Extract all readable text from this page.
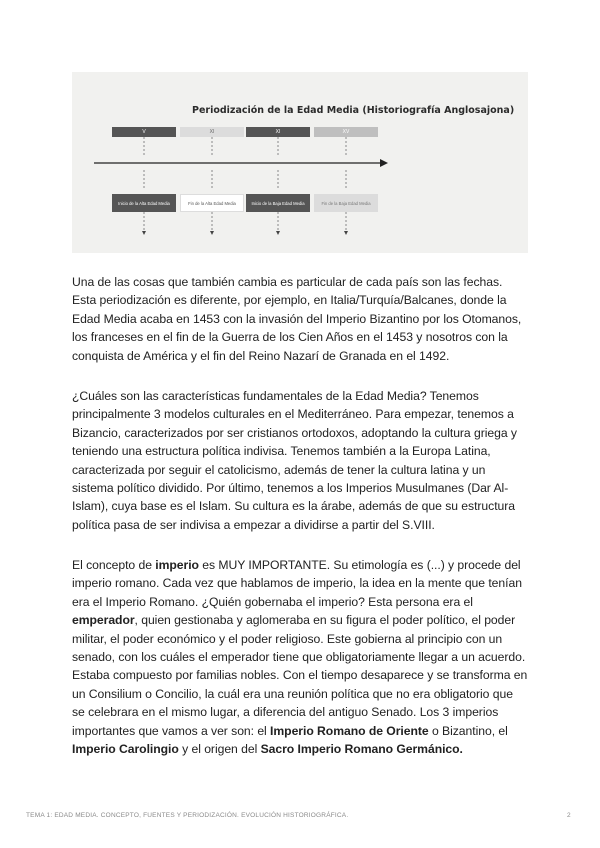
Periodización de la Edad Media (Historiografía Anglosajona)
V	XI	XI	XV
Inicio de la Alta Edad Media	Fin de la Alta Edad Media	Inicio de la Baja Edad Media	Fin de la Baja Edad Media

Una de las cosas que también cambia es particular de cada país son las fechas. Esta periodización es diferente, por ejemplo, en Italia/Turquía/Balcanes, donde la Edad Media acaba en 1453 con la invasión del Imperio Bizantino por los Otomanos, los franceses en el fin de la Guerra de los Cien Años en el 1453 y nosotros con la conquista de América y el fin del Reino Nazarí de Granada en el 1492.

¿Cuáles son las características fundamentales de la Edad Media? Tenemos principalmente 3 modelos culturales en el Mediterráneo. Para empezar, tenemos a Bizancio, caracterizados por ser cristianos ortodoxos, adoptando la cultura griega y teniendo una estructura política indivisa. Tenemos también a la Europa Latina, caracterizada por seguir el catolicismo, además de tener la cultura latina y un sistema político dividido. Por último, tenemos a los Imperios Musulmanes (Dar Al-Islam), cuya base es el Islam. Su cultura es la árabe, además de que su estructura política pasa de ser indivisa a empezar a dividirse a partir del S.VIII.

El concepto de imperio es MUY IMPORTANTE. Su etimología es (...) y procede del imperio romano. Cada vez que hablamos de imperio, la idea en la mente que tenían era el Imperio Romano. ¿Quién gobernaba el imperio? Esta persona era el emperador, quien gestionaba y aglomeraba en su figura el poder político, el poder militar, el poder económico y el poder religioso. Este gobierna al principio con un senado, con los cuáles el emperador tiene que obligatoriamente llegar a un acuerdo. Estaba compuesto por familias nobles. Con el tiempo desaparece y se transforma en un Consilium o Concilio, la cuál era una reunión política que no era obligatorio que se celebrara en el mismo lugar, a diferencia del antiguo Senado. Los 3 imperios importantes que vamos a ver son: el Imperio Romano de Oriente o Bizantino, el Imperio Carolingio y el origen del Sacro Imperio Romano Germánico.

TEMA 1: EDAD MEDIA. CONCEPTO, FUENTES Y PERIODIZACIÓN. EVOLUCIÓN HISTORIOGRÁFICA.	2
